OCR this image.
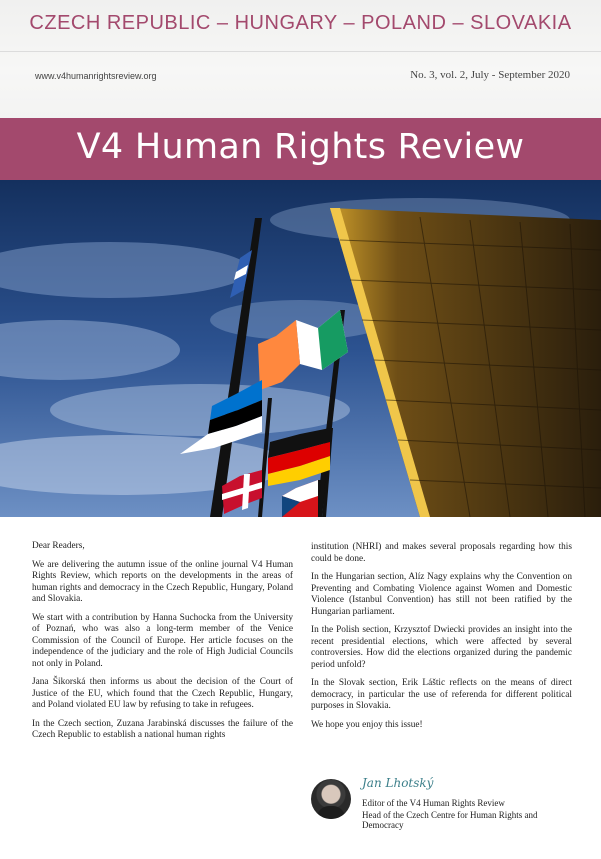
CZECH REPUBLIC – HUNGARY – POLAND – SLOVAKIA
www.v4humanrightsreview.org	No. 3, vol. 2, July - September 2020
V4 Human Rights Review

Dear Readers,

We are delivering the autumn issue of the online journal V4 Human Rights Review, which reports on the developments in the areas of human rights and democracy in the Czech Republic, Hungary, Poland and Slovakia.

We start with a contribution by Hanna Suchocka from the University of Poznań, who was also a long-term member of the Venice Commission of the Council of Europe. Her article focuses on the independence of the judiciary and the role of High Judicial Councils not only in Poland.

Jana Šikorská then informs us about the decision of the Court of Justice of the EU, which found that the Czech Republic, Hungary, and Poland violated EU law by refusing to take in refugees.

In the Czech section, Zuzana Jarabinská discusses the failure of the Czech Republic to establish a national human rights

institution (NHRI) and makes several proposals regarding how this could be done.

In the Hungarian section, Alíz Nagy explains why the Convention on Preventing and Combating Violence against Women and Domestic Violence (Istanbul Convention) has still not been ratified by the Hungarian parliament.

In the Polish section, Krzysztof Dwiecki provides an insight into the recent presidential elections, which were affected by several controversies. How did the elections organized during the pandemic period unfold?

In the Slovak section, Erik Láštic reflects on the means of direct democracy, in particular the use of referenda for different political purposes in Slovakia.

We hope you enjoy this issue!

Jan Lhotský
Editor of the V4 Human Rights Review
Head of the Czech Centre for Human Rights and Democracy
